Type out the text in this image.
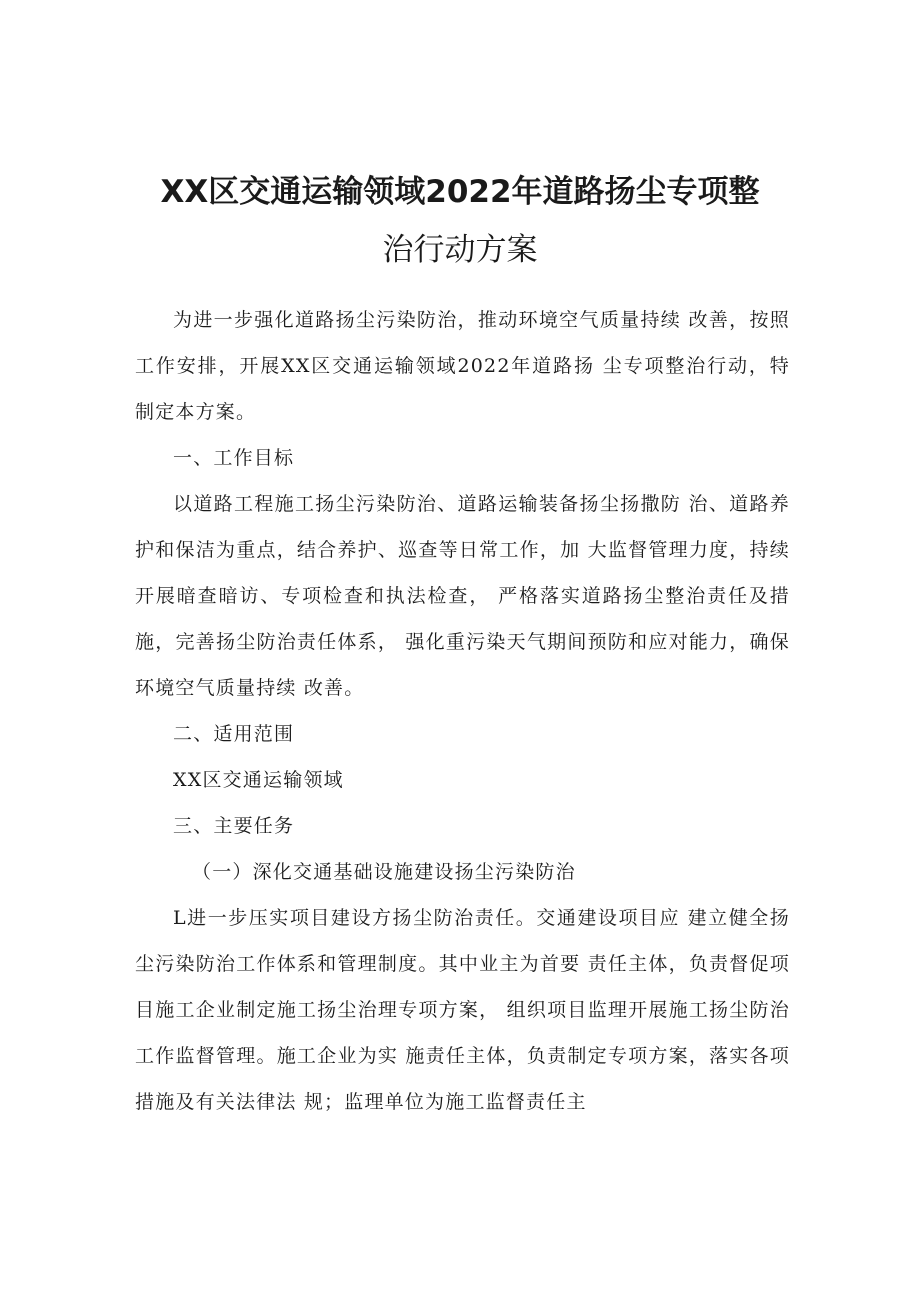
XX区交通运输领域2022年道路扬尘专项整
治行动方案

为进一步强化道路扬尘污染防治，推动环境空气质量持续 改善，按照工作安排，开展XX区交通运输领域2022年道路扬 尘专项整治行动，特制定本方案。

一、工作目标

以道路工程施工扬尘污染防治、道路运输装备扬尘扬撒防 治、道路养护和保洁为重点，结合养护、巡查等日常工作，加 大监督管理力度，持续开展暗查暗访、专项检查和执法检查， 严格落实道路扬尘整治责任及措施，完善扬尘防治责任体系， 强化重污染天气期间预防和应对能力，确保环境空气质量持续 改善。

二、适用范围

XX区交通运输领域

三、主要任务

（一）深化交通基础设施建设扬尘污染防治

L进一步压实项目建设方扬尘防治责任。交通建设项目应 建立健全扬尘污染防治工作体系和管理制度。其中业主为首要 责任主体，负责督促项目施工企业制定施工扬尘治理专项方案， 组织项目监理开展施工扬尘防治工作监督管理。施工企业为实 施责任主体，负责制定专项方案，落实各项措施及有关法律法 规；监理单位为施工监督责任主
